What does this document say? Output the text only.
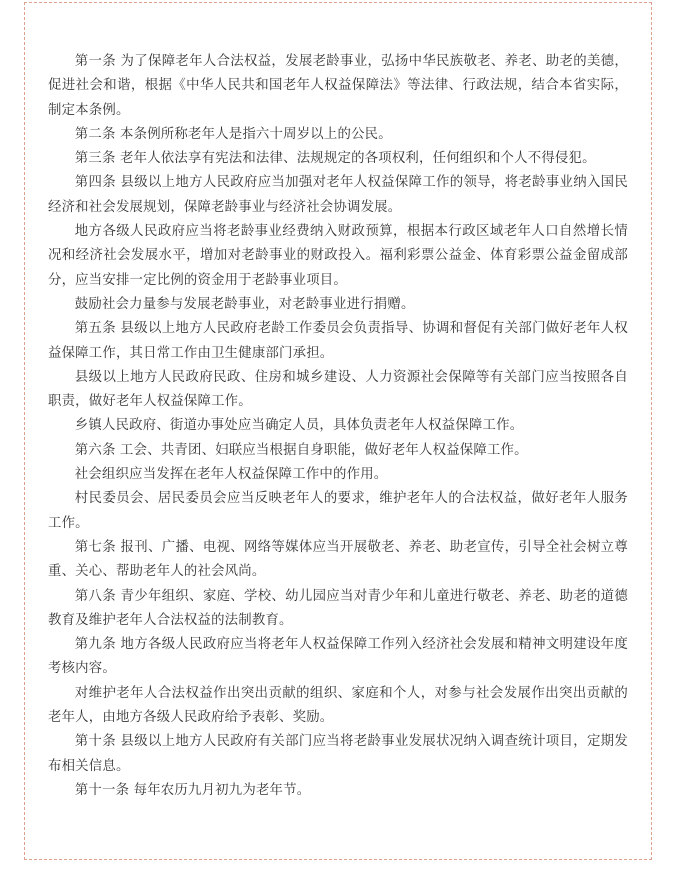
第一条 为了保障老年人合法权益，发展老龄事业，弘扬中华民族敬老、养老、助老的美德，促进社会和谐，根据《中华人民共和国老年人权益保障法》等法律、行政法规，结合本省实际，制定本条例。

第二条 本条例所称老年人是指六十周岁以上的公民。

第三条 老年人依法享有宪法和法律、法规规定的各项权利，任何组织和个人不得侵犯。

第四条 县级以上地方人民政府应当加强对老年人权益保障工作的领导，将老龄事业纳入国民经济和社会发展规划，保障老龄事业与经济社会协调发展。

地方各级人民政府应当将老龄事业经费纳入财政预算，根据本行政区域老年人口自然增长情况和经济社会发展水平，增加对老龄事业的财政投入。福利彩票公益金、体育彩票公益金留成部分，应当安排一定比例的资金用于老龄事业项目。

鼓励社会力量参与发展老龄事业，对老龄事业进行捐赠。

第五条 县级以上地方人民政府老龄工作委员会负责指导、协调和督促有关部门做好老年人权益保障工作，其日常工作由卫生健康部门承担。

县级以上地方人民政府民政、住房和城乡建设、人力资源社会保障等有关部门应当按照各自职责，做好老年人权益保障工作。

乡镇人民政府、街道办事处应当确定人员，具体负责老年人权益保障工作。

第六条 工会、共青团、妇联应当根据自身职能，做好老年人权益保障工作。

社会组织应当发挥在老年人权益保障工作中的作用。

村民委员会、居民委员会应当反映老年人的要求，维护老年人的合法权益，做好老年人服务工作。

第七条 报刊、广播、电视、网络等媒体应当开展敬老、养老、助老宣传，引导全社会树立尊重、关心、帮助老年人的社会风尚。

第八条 青少年组织、家庭、学校、幼儿园应当对青少年和儿童进行敬老、养老、助老的道德教育及维护老年人合法权益的法制教育。

第九条 地方各级人民政府应当将老年人权益保障工作列入经济社会发展和精神文明建设年度考核内容。

对维护老年人合法权益作出突出贡献的组织、家庭和个人，对参与社会发展作出突出贡献的老年人，由地方各级人民政府给予表彰、奖励。

第十条 县级以上地方人民政府有关部门应当将老龄事业发展状况纳入调查统计项目，定期发布相关信息。

第十一条 每年农历九月初九为老年节。
